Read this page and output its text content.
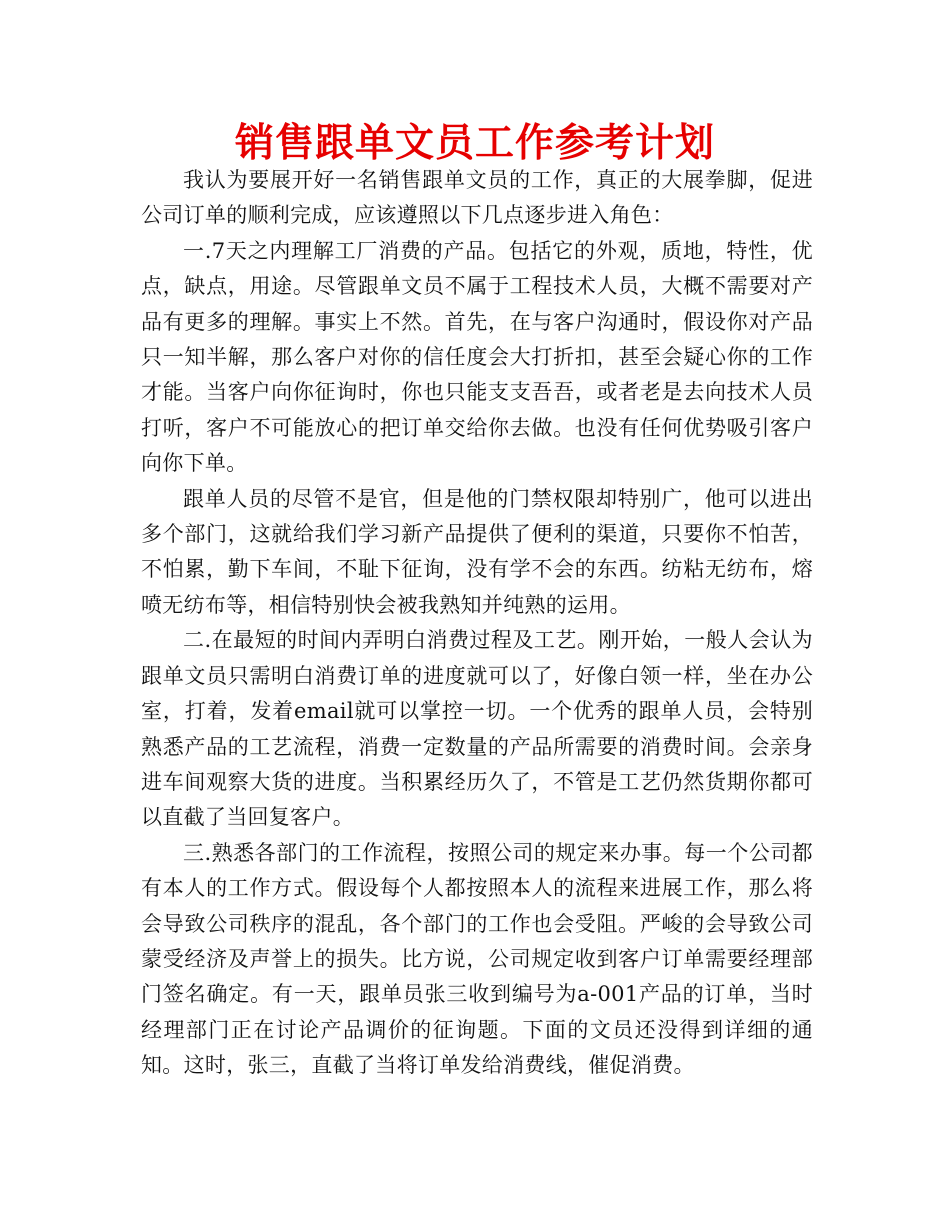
销售跟单文员工作参考计划

我认为要展开好一名销售跟单文员的工作，真正的大展拳脚，促进公司订单的顺利完成，应该遵照以下几点逐步进入角色：

一.7天之内理解工厂消费的产品。包括它的外观，质地，特性，优点，缺点，用途。尽管跟单文员不属于工程技术人员，大概不需要对产品有更多的理解。事实上不然。首先，在与客户沟通时，假设你对产品只一知半解，那么客户对你的信任度会大打折扣，甚至会疑心你的工作才能。当客户向你征询时，你也只能支支吾吾，或者老是去向技术人员打听，客户不可能放心的把订单交给你去做。也没有任何优势吸引客户向你下单。

跟单人员的尽管不是官，但是他的门禁权限却特别广，他可以进出多个部门，这就给我们学习新产品提供了便利的渠道，只要你不怕苦，不怕累，勤下车间，不耻下征询，没有学不会的东西。纺粘无纺布，熔喷无纺布等，相信特别快会被我熟知并纯熟的运用。

二.在最短的时间内弄明白消费过程及工艺。刚开始，一般人会认为跟单文员只需明白消费订单的进度就可以了，好像白领一样，坐在办公室，打着，发着email就可以掌控一切。一个优秀的跟单人员，会特别熟悉产品的工艺流程，消费一定数量的产品所需要的消费时间。会亲身进车间观察大货的进度。当积累经历久了，不管是工艺仍然货期你都可以直截了当回复客户。

三.熟悉各部门的工作流程，按照公司的规定来办事。每一个公司都有本人的工作方式。假设每个人都按照本人的流程来进展工作，那么将会导致公司秩序的混乱，各个部门的工作也会受阻。严峻的会导致公司蒙受经济及声誉上的损失。比方说，公司规定收到客户订单需要经理部门签名确定。有一天，跟单员张三收到编号为a-001产品的订单，当时经理部门正在讨论产品调价的征询题。下面的文员还没得到详细的通知。这时，张三，直截了当将订单发给消费线，催促消费。
